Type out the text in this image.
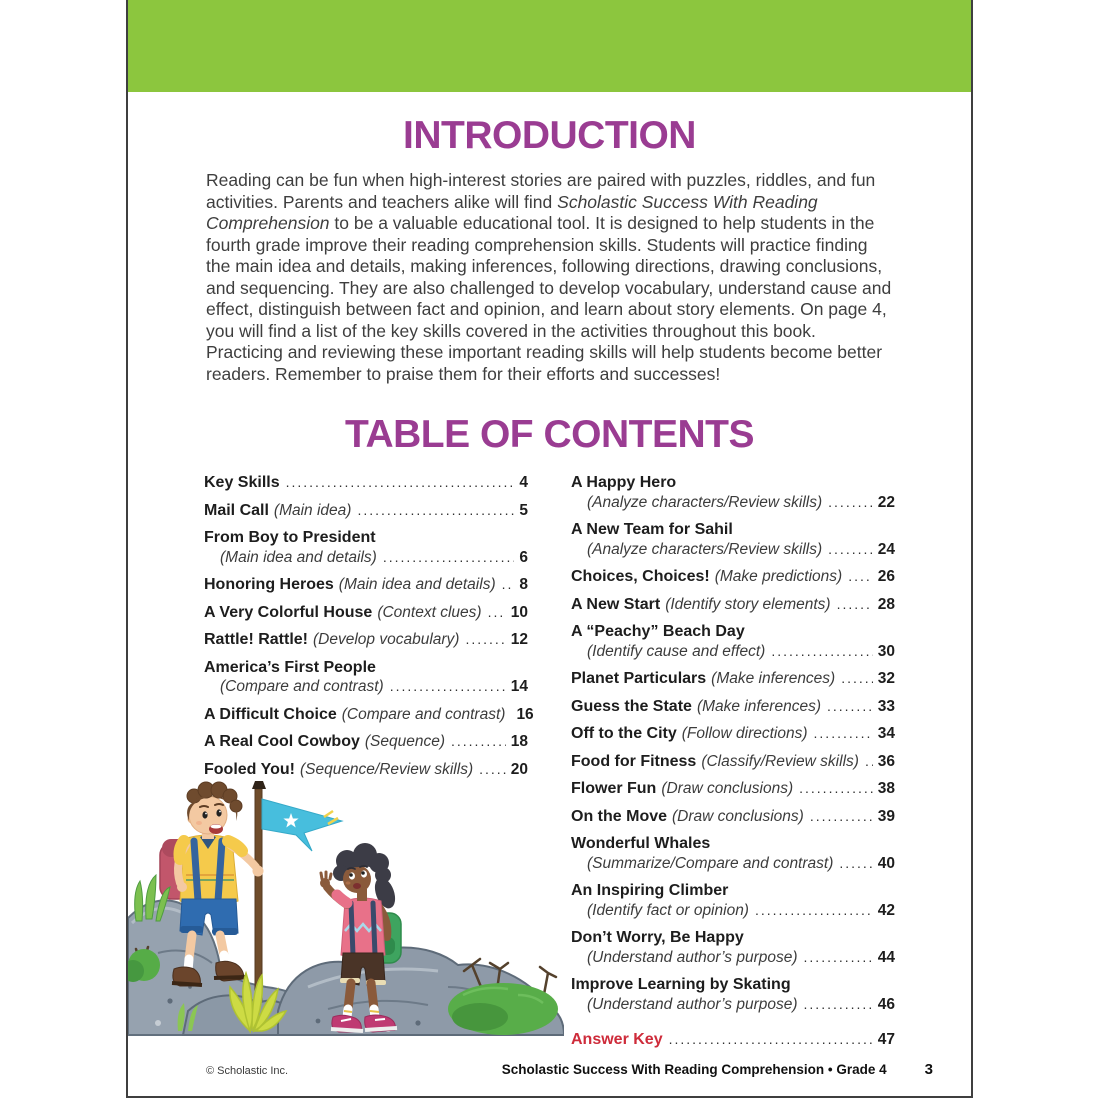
INTRODUCTION

Reading can be fun when high-interest stories are paired with puzzles, riddles, and fun activities. Parents and teachers alike will find Scholastic Success With Reading Comprehension to be a valuable educational tool. It is designed to help students in the fourth grade improve their reading comprehension skills. Students will practice finding the main idea and details, making inferences, following directions, drawing conclusions, and sequencing. They are also challenged to develop vocabulary, understand cause and effect, distinguish between fact and opinion, and learn about story elements. On page 4, you will find a list of the key skills covered in the activities throughout this book. Practicing and reviewing these important reading skills will help students become better readers. Remember to praise them for their efforts and successes!

TABLE OF CONTENTS
Key Skills .....	4
Mail Call (Main idea) .....	5
From Boy to President
(Main idea and details) .....	6
Honoring Heroes (Main idea and details) ..... 8
A Very Colorful House (Context clues) ..... 10
Rattle! Rattle! (Develop vocabulary) .....	12
America’s First People
(Compare and contrast) .....	14
A Difficult Choice (Compare and contrast) 16
A Real Cool Cowboy (Sequence) .....	18
Fooled You! (Sequence/Review skills) ..... 20
A Happy Hero
(Analyze characters/Review skills) .....	22
A New Team for Sahil
(Analyze characters/Review skills) .....	24
Choices, Choices! (Make predictions) ..... 26
A New Start (Identify story elements) .....	28
A “Peachy” Beach Day
(Identify cause and effect) .....	30
Planet Particulars (Make inferences) .....	32
Guess the State (Make inferences) .....	33
Off to the City (Follow directions) .....	34
Food for Fitness (Classify/Review skills) ..... 36
Flower Fun (Draw conclusions) .....	38
On the Move (Draw conclusions) .....	39
Wonderful Whales
(Summarize/Compare and contrast) .....	40
An Inspiring Climber
(Identify fact or opinion) .....	42
Don’t Worry, Be Happy
(Understand author’s purpose) .....	44
Improve Learning by Skating
(Understand author’s purpose) .....	46
Answer Key .....	47
© Scholastic Inc.	Scholastic Success With Reading Comprehension • Grade 4	3
